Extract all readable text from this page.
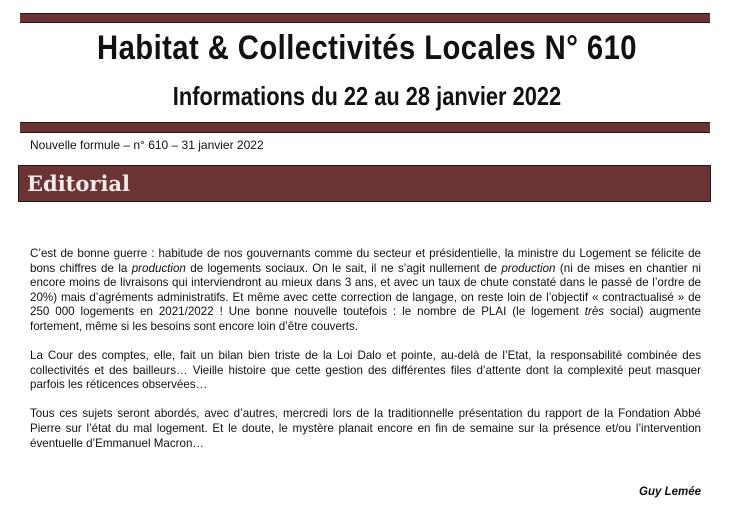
Habitat & Collectivités Locales N° 610
Informations du 22 au 28 janvier 2022
Nouvelle formule – n° 610 – 31 janvier 2022
Editorial

C’est de bonne guerre : habitude de nos gouvernants comme du secteur et présidentielle, la ministre du Logement se félicite de bons chiffres de la production de logements sociaux. On le sait, il ne s’agit nullement de production (ni de mises en chantier ni encore moins de livraisons qui interviendront au mieux dans 3 ans, et avec un taux de chute constaté dans le passé de l’ordre de 20%) mais d’agréments administratifs. Et même avec cette correction de langage, on reste loin de l’objectif « contractualisé » de 250 000 logements en 2021/2022 ! Une bonne nouvelle toutefois : le nombre de PLAI (le logement très social) augmente fortement, même si les besoins sont encore loin d’être couverts.

La Cour des comptes, elle, fait un bilan bien triste de la Loi Dalo et pointe, au-delà de l’Etat, la responsabilité combinée des collectivités et des bailleurs… Vieille histoire que cette gestion des différentes files d’attente dont la complexité peut masquer parfois les réticences observées…

Tous ces sujets seront abordés, avec d’autres, mercredi lors de la traditionnelle présentation du rapport de la Fondation Abbé Pierre sur l’état du mal logement. Et le doute, le mystère planait encore en fin de semaine sur la présence et/ou l’intervention éventuelle d’Emmanuel Macron…

Guy Lemée
